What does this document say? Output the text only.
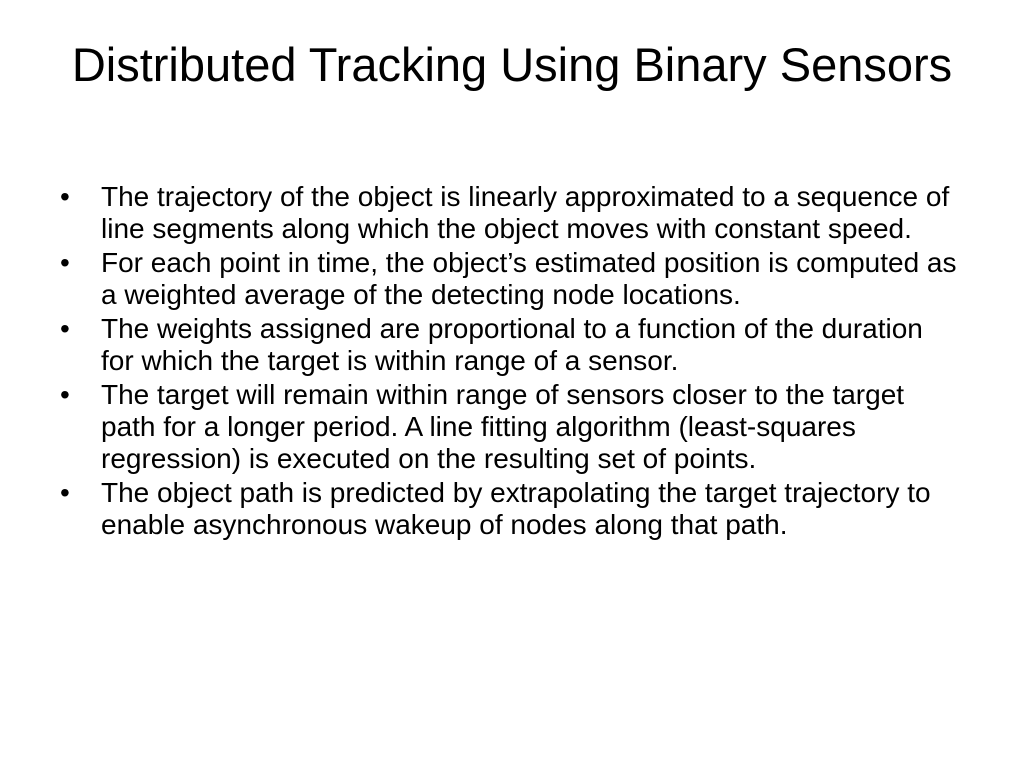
Distributed Tracking Using Binary Sensors
•	The trajectory of the object is linearly approximated to a sequence of line segments along which the object moves with constant speed.
•	For each point in time, the object’s estimated position is computed as a weighted average of the detecting node locations.
•	The weights assigned are proportional to a function of the duration for which the target is within range of a sensor.
•	The target will remain within range of sensors closer to the target path for a longer period. A line fitting algorithm (least-squares regression) is executed on the resulting set of points.
•	The object path is predicted by extrapolating the target trajectory to enable asynchronous wakeup of nodes along that path.
